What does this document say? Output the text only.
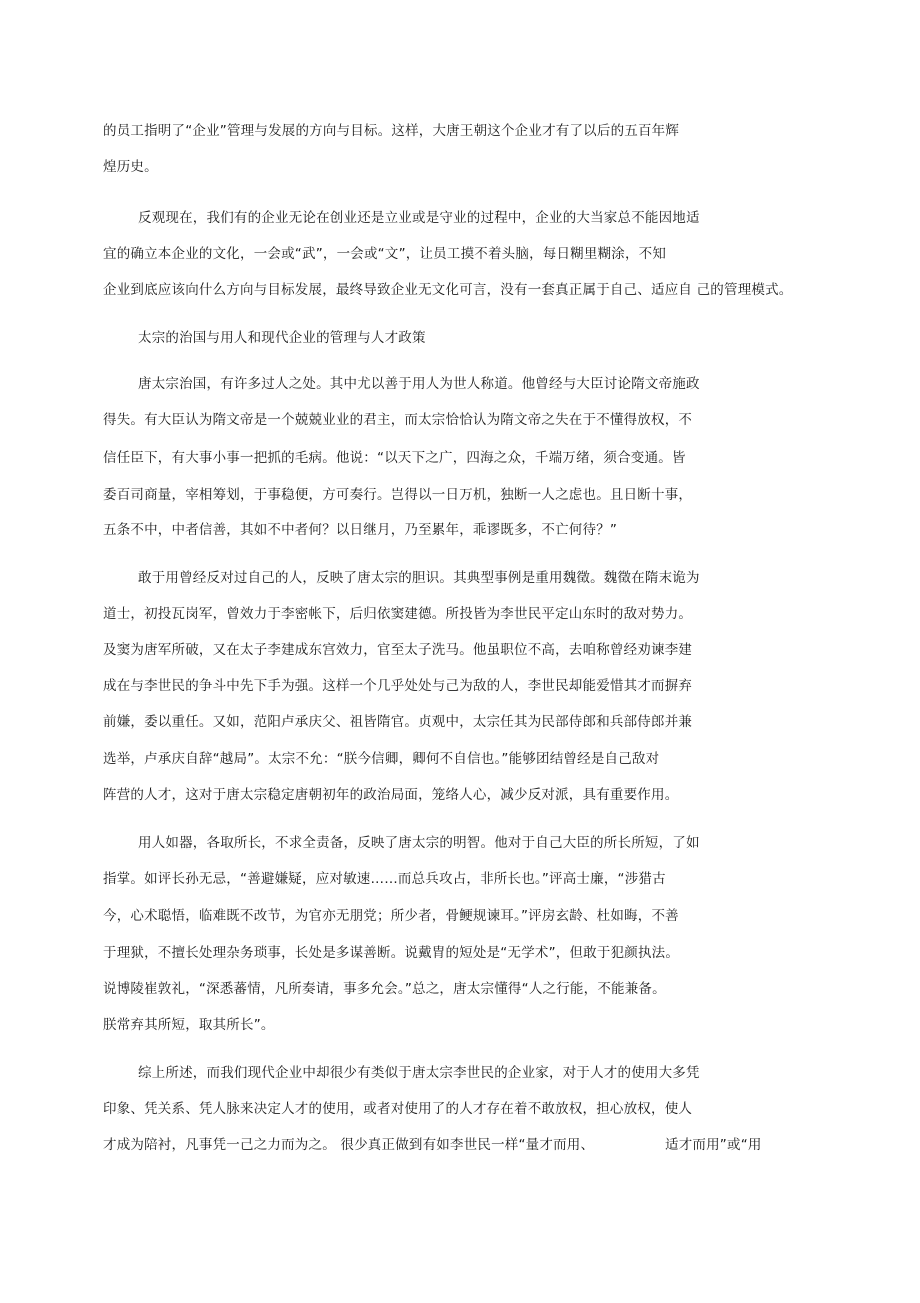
的员工指明了“企业”管理与发展的方向与目标。这样，大唐王朝这个企业才有了以后的五百年辉
煌历史。
反观现在，我们有的企业无论在创业还是立业或是守业的过程中，企业的大当家总不能因地适
宜的确立本企业的文化，一会或“武”，一会或“文”，让员工摸不着头脑，每日糊里糊涂，不知
企业到底应该向什么方向与目标发展，最终导致企业无文化可言，没有一套真正属于自己、适应自 己的管理模式。
太宗的治国与用人和现代企业的管理与人才政策
唐太宗治国，有许多过人之处。其中尤以善于用人为世人称道。他曾经与大臣讨论隋文帝施政
得失。有大臣认为隋文帝是一个兢兢业业的君主，而太宗恰恰认为隋文帝之失在于不懂得放权，不
信任臣下，有大事小事一把抓的毛病。他说：“以天下之广，四海之众，千端万绪，须合变通。皆
委百司商量，宰相筹划，于事稳便，方可奏行。岂得以一日万机，独断一人之虑也。且日断十事，
五条不中，中者信善，其如不中者何？以日继月，乃至累年，乖谬既多，不亡何待？”
敢于用曾经反对过自己的人，反映了唐太宗的胆识。其典型事例是重用魏徵。魏徵在隋末诡为
道士，初投瓦岗军，曾效力于李密帐下，后归依窦建德。所投皆为李世民平定山东时的敌对势力。
及窦为唐军所破，又在太子李建成东宫效力，官至太子洗马。他虽职位不高，去咱称曾经劝谏李建
成在与李世民的争斗中先下手为强。这样一个几乎处处与己为敌的人，李世民却能爱惜其才而摒弃
前嫌，委以重任。又如，范阳卢承庆父、祖皆隋官。贞观中，太宗任其为民部侍郎和兵部侍郎并兼
选举，卢承庆自辞“越局”。太宗不允：“朕今信卿，卿何不自信也。”能够团结曾经是自己敌对
阵营的人才，这对于唐太宗稳定唐朝初年的政治局面，笼络人心，减少反对派，具有重要作用。
用人如器，各取所长，不求全责备，反映了唐太宗的明智。他对于自己大臣的所长所短，了如
指掌。如评长孙无忌，“善避嫌疑，应对敏速……而总兵攻占，非所长也。”评高士廉，“涉猎古
今，心术聪悟，临难既不改节，为官亦无朋党；所少者，骨鲠规谏耳。”评房玄龄、杜如晦，不善
于理狱，不擅长处理杂务琐事，长处是多谋善断。说戴胄的短处是“无学术”，但敢于犯颜执法。
说博陵崔敦礼，“深悉蕃情，凡所奏请，事多允会。”总之，唐太宗懂得“人之行能，不能兼备。
朕常弃其所短，取其所长”。
综上所述，而我们现代企业中却很少有类似于唐太宗李世民的企业家，对于人才的使用大多凭
印象、凭关系、凭人脉来决定人才的使用，或者对使用了的人才存在着不敢放权，担心放权，使人
才成为陪衬，凡事凭一己之力而为之。 很少真正做到有如李世民一样“量才而用、	适才而用”或“用
